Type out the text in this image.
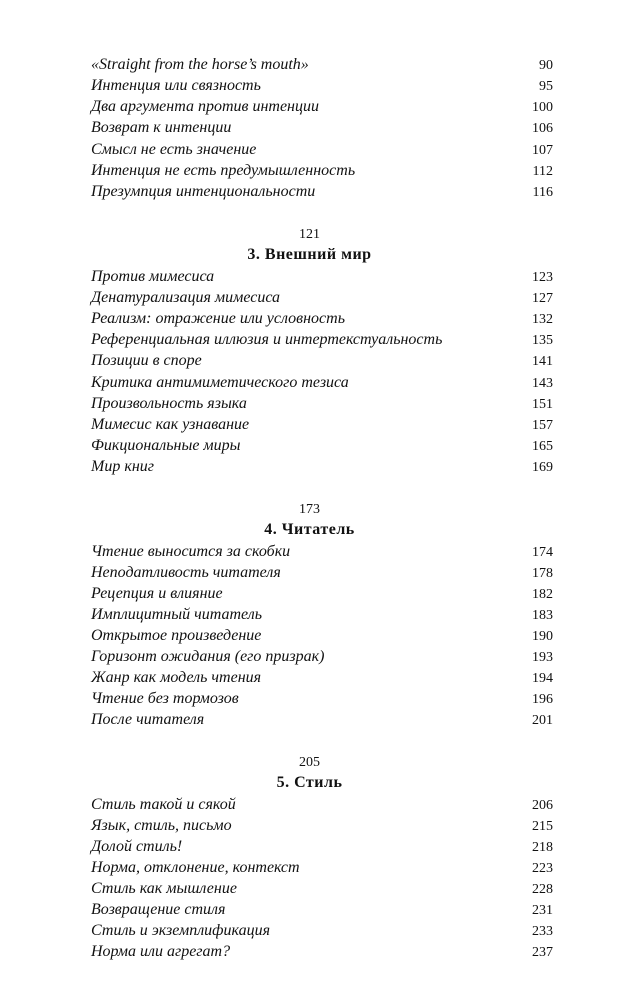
«Straight from the horse’s mouth»	90
Интенция или связность	95
Два аргумента против интенции	100
Возврат к интенции	106
Смысл не есть значение	107
Интенция не есть предумышленность	112
Презумпция интенциональности	116
121
3. Внешний мир
Против мимесиса	123
Денатурализация мимесиса	127
Реализм: отражение или условность	132
Референциальная иллюзия и интертекстуальность	135
Позиции в споре	141
Критика антимиметического тезиса	143
Произвольность языка	151
Мимесис как узнавание	157
Фикциональные миры	165
Мир книг	169
173
4. Читатель
Чтение выносится за скобки	174
Неподатливость читателя	178
Рецепция и влияние	182
Имплицитный читатель	183
Открытое произведение	190
Горизонт ожидания (его призрак)	193
Жанр как модель чтения	194
Чтение без тормозов	196
После читателя	201
205
5. Стиль
Стиль такой и сякой	206
Язык, стиль, письмо	215
Долой стиль!	218
Норма, отклонение, контекст	223
Стиль как мышление	228
Возвращение стиля	231
Стиль и экземплификация	233
Норма или агрегат?	237
